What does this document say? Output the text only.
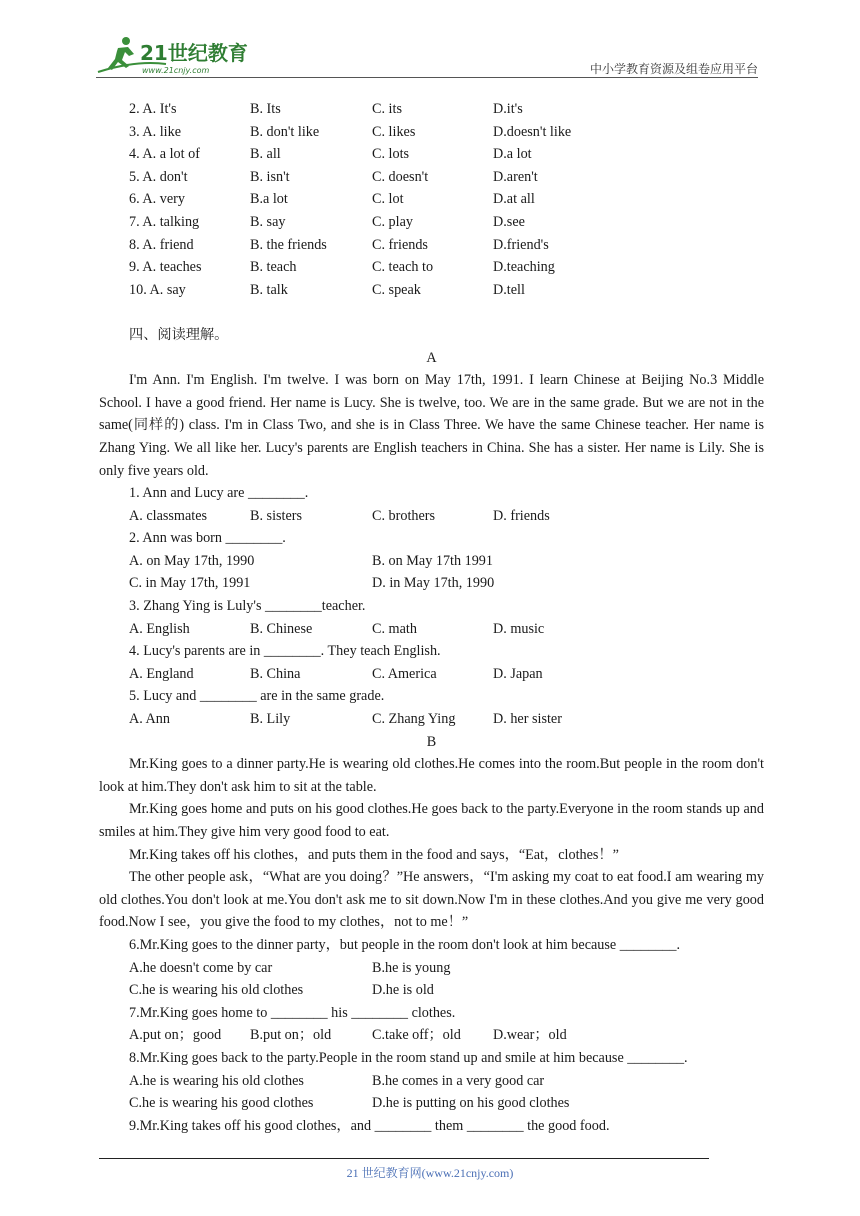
21世纪教育
www.21cnjy.com	中小学教育资源及组卷应用平台
2. A. It's	B. Its	C. its	D.it's
3. A. like	B. don't like	C. likes	D.doesn't like
4. A. a lot of	B. all	C. lots	D.a lot
5. A. don't	B. isn't	C. doesn't	D.aren't
6. A. very	B.a lot	C. lot	D.at all
7. A. talking	B. say	C. play	D.see
8. A. friend	B. the friends	C. friends	D.friend's
9. A. teaches	B. teach	C. teach to	D.teaching
10. A. say	B. talk	C. speak	D.tell
四、阅读理解。
A

I'm Ann. I'm English. I'm twelve. I was born on May 17th, 1991. I learn Chinese at Beijing No.3 Middle School. I have a good friend. Her name is Lucy. She is twelve, too. We are in the same grade. But we are not in the same(同样的) class. I'm in Class Two, and she is in Class Three. We have the same Chinese teacher. Her name is Zhang Ying. We all like her. Lucy's parents are English teachers in China. She has a sister. Her name is Lily. She is only five years old.

1. Ann and Lucy are ________.
A. classmates	B. sisters	C. brothers	D. friends
2. Ann was born ________.
A. on May 17th, 1990	B. on May 17th 1991
C. in May 17th, 1991	D. in May 17th, 1990
3. Zhang Ying is Luly's ________teacher.
A. English	B. Chinese	C. math	D. music
4. Lucy's parents are in ________. They teach English.
A. England	B. China	C. America	D. Japan
5. Lucy and ________ are in the same grade.
A. Ann	B. Lily	C. Zhang Ying	D. her sister
B

Mr.King goes to a dinner party.He is wearing old clothes.He comes into the room.But people in the room don't look at him.They don't ask him to sit at the table.

Mr.King goes home and puts on his good clothes.He goes back to the party.Everyone in the room stands up and smiles at him.They give him very good food to eat.

Mr.King takes off his clothes，and puts them in the food and says，“Eat，clothes！”

The other people ask，“What are you doing？”He answers，“I'm asking my coat to eat food.I am wearing my old clothes.You don't look at me.You don't ask me to sit down.Now I'm in these clothes.And you give me very good food.Now I see，you give the food to my clothes，not to me！”

6.Mr.King goes to the dinner party，but people in the room don't look at him because ________.
A.he doesn't come by car	B.he is young
C.he is wearing his old clothes	D.he is old
7.Mr.King goes home to ________ his ________ clothes.
A.put on；good B.put on；old	C.take off；old D.wear；old
8.Mr.King goes back to the party.People in the room stand up and smile at him because ________.
A.he is wearing his old clothes	B.he comes in a very good car
C.he is wearing his good clothes	D.he is putting on his good clothes
9.Mr.King takes off his good clothes，and ________ them ________ the good food.
21 世纪教育网(www.21cnjy.com)
